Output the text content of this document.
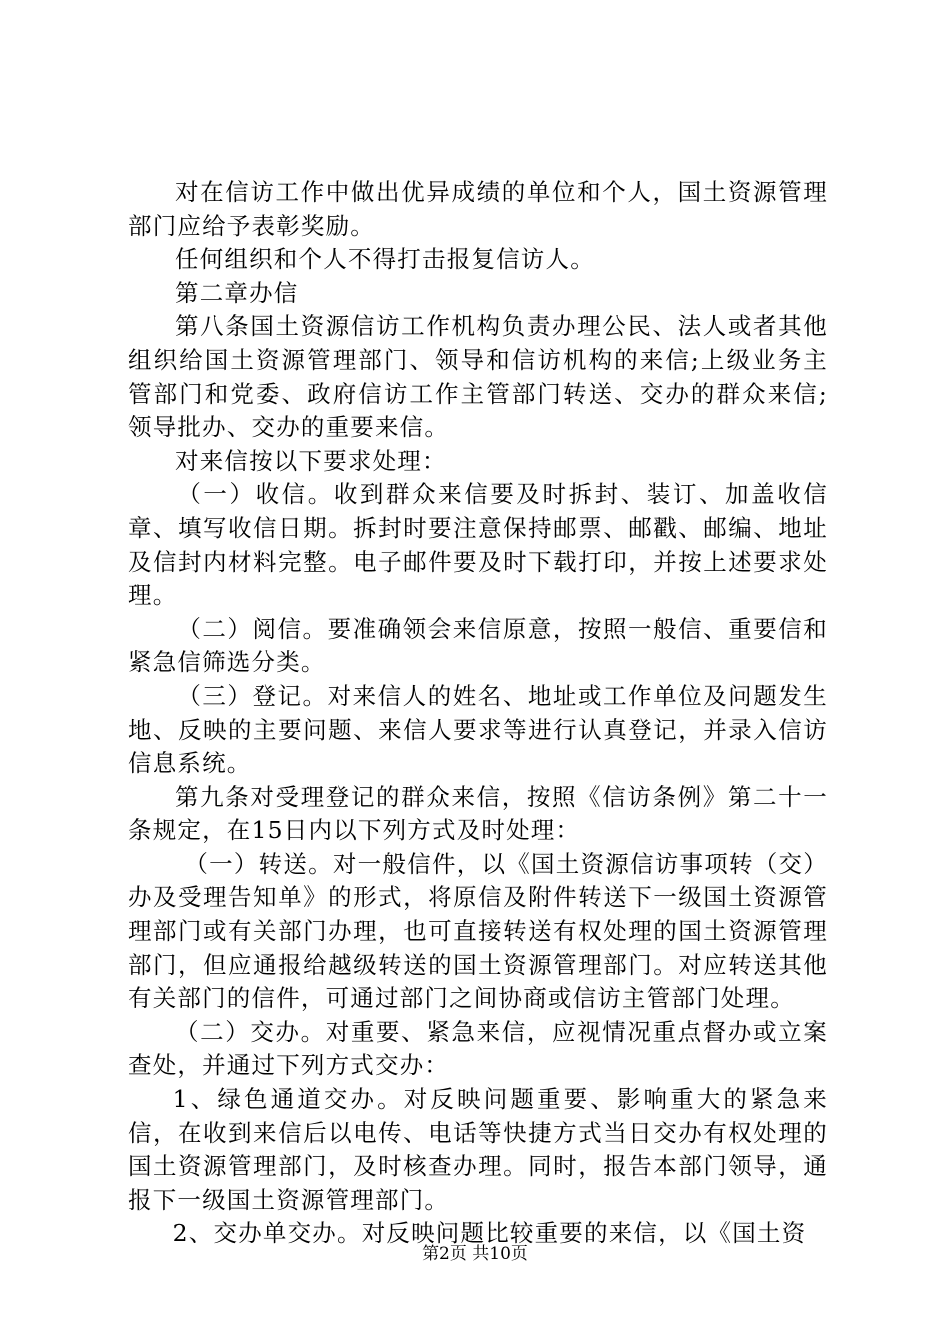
对在信访工作中做出优异成绩的单位和个人，国土资源管理部门应给予表彰奖励。

任何组织和个人不得打击报复信访人。

第二章办信

第八条国土资源信访工作机构负责办理公民、法人或者其他组织给国土资源管理部门、领导和信访机构的来信;上级业务主管部门和党委、政府信访工作主管部门转送、交办的群众来信;领导批办、交办的重要来信。

对来信按以下要求处理：

（一）收信。收到群众来信要及时拆封、装订、加盖收信章、填写收信日期。拆封时要注意保持邮票、邮戳、邮编、地址及信封内材料完整。电子邮件要及时下载打印，并按上述要求处理。

（二）阅信。要准确领会来信原意，按照一般信、重要信和紧急信筛选分类。

（三）登记。对来信人的姓名、地址或工作单位及问题发生地、反映的主要问题、来信人要求等进行认真登记，并录入信访信息系统。

第九条对受理登记的群众来信，按照《信访条例》第二十一条规定，在15日内以下列方式及时处理：

（一）转送。对一般信件，以《国土资源信访事项转（交）办及受理告知单》的形式，将原信及附件转送下一级国土资源管理部门或有关部门办理，也可直接转送有权处理的国土资源管理部门，但应通报给越级转送的国土资源管理部门。对应转送其他有关部门的信件，可通过部门之间协商或信访主管部门处理。

（二）交办。对重要、紧急来信，应视情况重点督办或立案查处，并通过下列方式交办：

1、绿色通道交办。对反映问题重要、影响重大的紧急来信，在收到来信后以电传、电话等快捷方式当日交办有权处理的国土资源管理部门，及时核查办理。同时，报告本部门领导，通报下一级国土资源管理部门。

2、交办单交办。对反映问题比较重要的来信，以《国土资

第2页 共10页
